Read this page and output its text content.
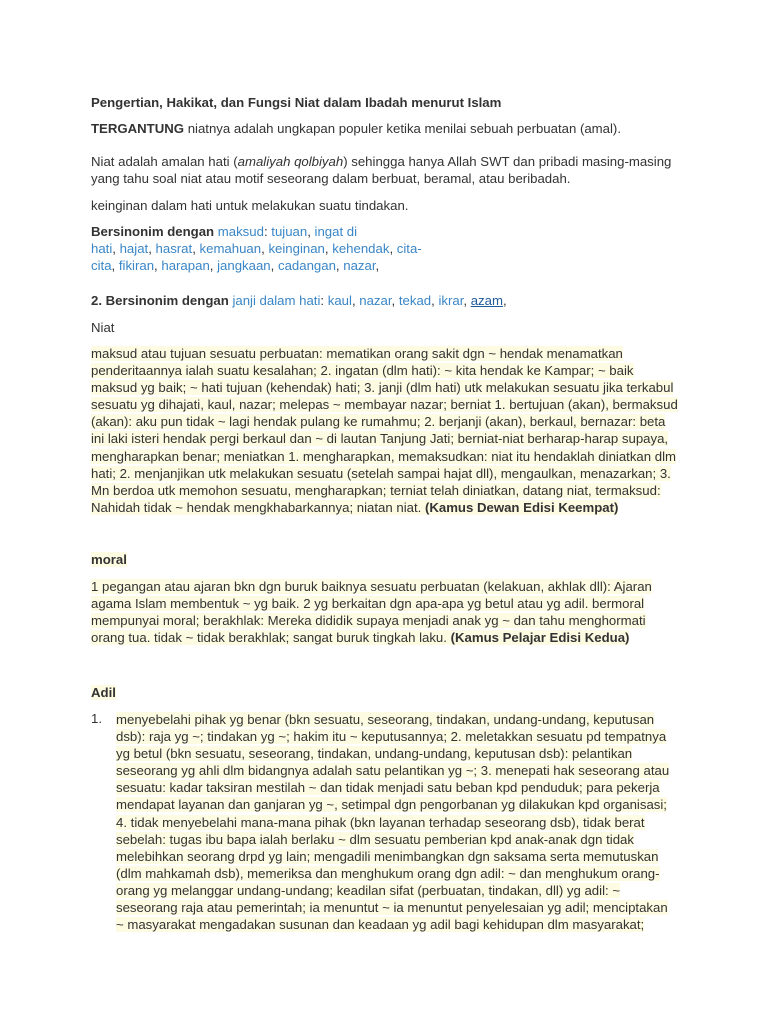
Pengertian, Hakikat, dan Fungsi Niat dalam Ibadah menurut Islam

TERGANTUNG niatnya adalah ungkapan populer ketika menilai sebuah perbuatan (amal).

Niat adalah amalan hati (amaliyah qolbiyah) sehingga hanya Allah SWT dan pribadi masing-masing
yang tahu soal niat atau motif seseorang dalam berbuat, beramal, atau beribadah.

keinginan dalam hati untuk melakukan suatu tindakan.

Bersinonim dengan maksud: tujuan, ingat di
hati, hajat, hasrat, kemahuan, keinginan, kehendak, cita-
cita, fikiran, harapan, jangkaan, cadangan, nazar,

2. Bersinonim dengan janji dalam hati: kaul, nazar, tekad, ikrar, azam,

Niat

maksud atau tujuan sesuatu perbuatan: mematikan orang sakit dgn ~ hendak menamatkan
penderitaannya ialah suatu kesalahan; 2. ingatan (dlm hati): ~ kita hendak ke Kampar; ~ baik
maksud yg baik; ~ hati tujuan (kehendak) hati; 3. janji (dlm hati) utk melakukan sesuatu jika terkabul
sesuatu yg dihajati, kaul, nazar; melepas ~ membayar nazar; berniat 1. bertujuan (akan), bermaksud
(akan): aku pun tidak ~ lagi hendak pulang ke rumahmu; 2. berjanji (akan), berkaul, bernazar: beta
ini laki isteri hendak pergi berkaul dan ~ di lautan Tanjung Jati; berniat-niat berharap-harap supaya,
mengharapkan benar; meniatkan 1. mengharapkan, memaksudkan: niat itu hendaklah diniatkan dlm
hati; 2. menjanjikan utk melakukan sesuatu (setelah sampai hajat dll), mengaulkan, menazarkan; 3.
Mn berdoa utk memohon sesuatu, mengharapkan; terniat telah diniatkan, datang niat, termaksud:
Nahidah tidak ~ hendak mengkhabarkannya; niatan niat. (Kamus Dewan Edisi Keempat)

moral

1 pegangan atau ajaran bkn dgn buruk baiknya sesuatu perbuatan (kelakuan, akhlak dll): Ajaran
agama Islam membentuk ~ yg baik. 2 yg berkaitan dgn apa-apa yg betul atau yg adil. bermoral
mempunyai moral; berakhlak: Mereka dididik supaya menjadi anak yg ~ dan tahu menghormati
orang tua. tidak ~ tidak berakhlak; sangat buruk tingkah laku. (Kamus Pelajar Edisi Kedua)

Adil

1. menyebelahi pihak yg benar (bkn sesuatu, seseorang, tindakan, undang-undang, keputusan
dsb): raja yg ~; tindakan yg ~; hakim itu ~ keputusannya; 2. meletakkan sesuatu pd tempatnya
yg betul (bkn sesuatu, seseorang, tindakan, undang-undang, keputusan dsb): pelantikan
seseorang yg ahli dlm bidangnya adalah satu pelantikan yg ~; 3. menepati hak seseorang atau
sesuatu: kadar taksiran mestilah ~ dan tidak menjadi satu beban kpd penduduk; para pekerja
mendapat layanan dan ganjaran yg ~, setimpal dgn pengorbanan yg dilakukan kpd organisasi;
4. tidak menyebelahi mana-mana pihak (bkn layanan terhadap seseorang dsb), tidak berat
sebelah: tugas ibu bapa ialah berlaku ~ dlm sesuatu pemberian kpd anak-anak dgn tidak
melebihkan seorang drpd yg lain; mengadili menimbangkan dgn saksama serta memutuskan
(dlm mahkamah dsb), memeriksa dan menghukum orang dgn adil: ~ dan menghukum orang-
orang yg melanggar undang-undang; keadilan sifat (perbuatan, tindakan, dll) yg adil: ~
seseorang raja atau pemerintah; ia menuntut ~ ia menuntut penyelesaian yg adil; menciptakan
~ masyarakat mengadakan susunan dan keadaan yg adil bagi kehidupan dlm masyarakat;
